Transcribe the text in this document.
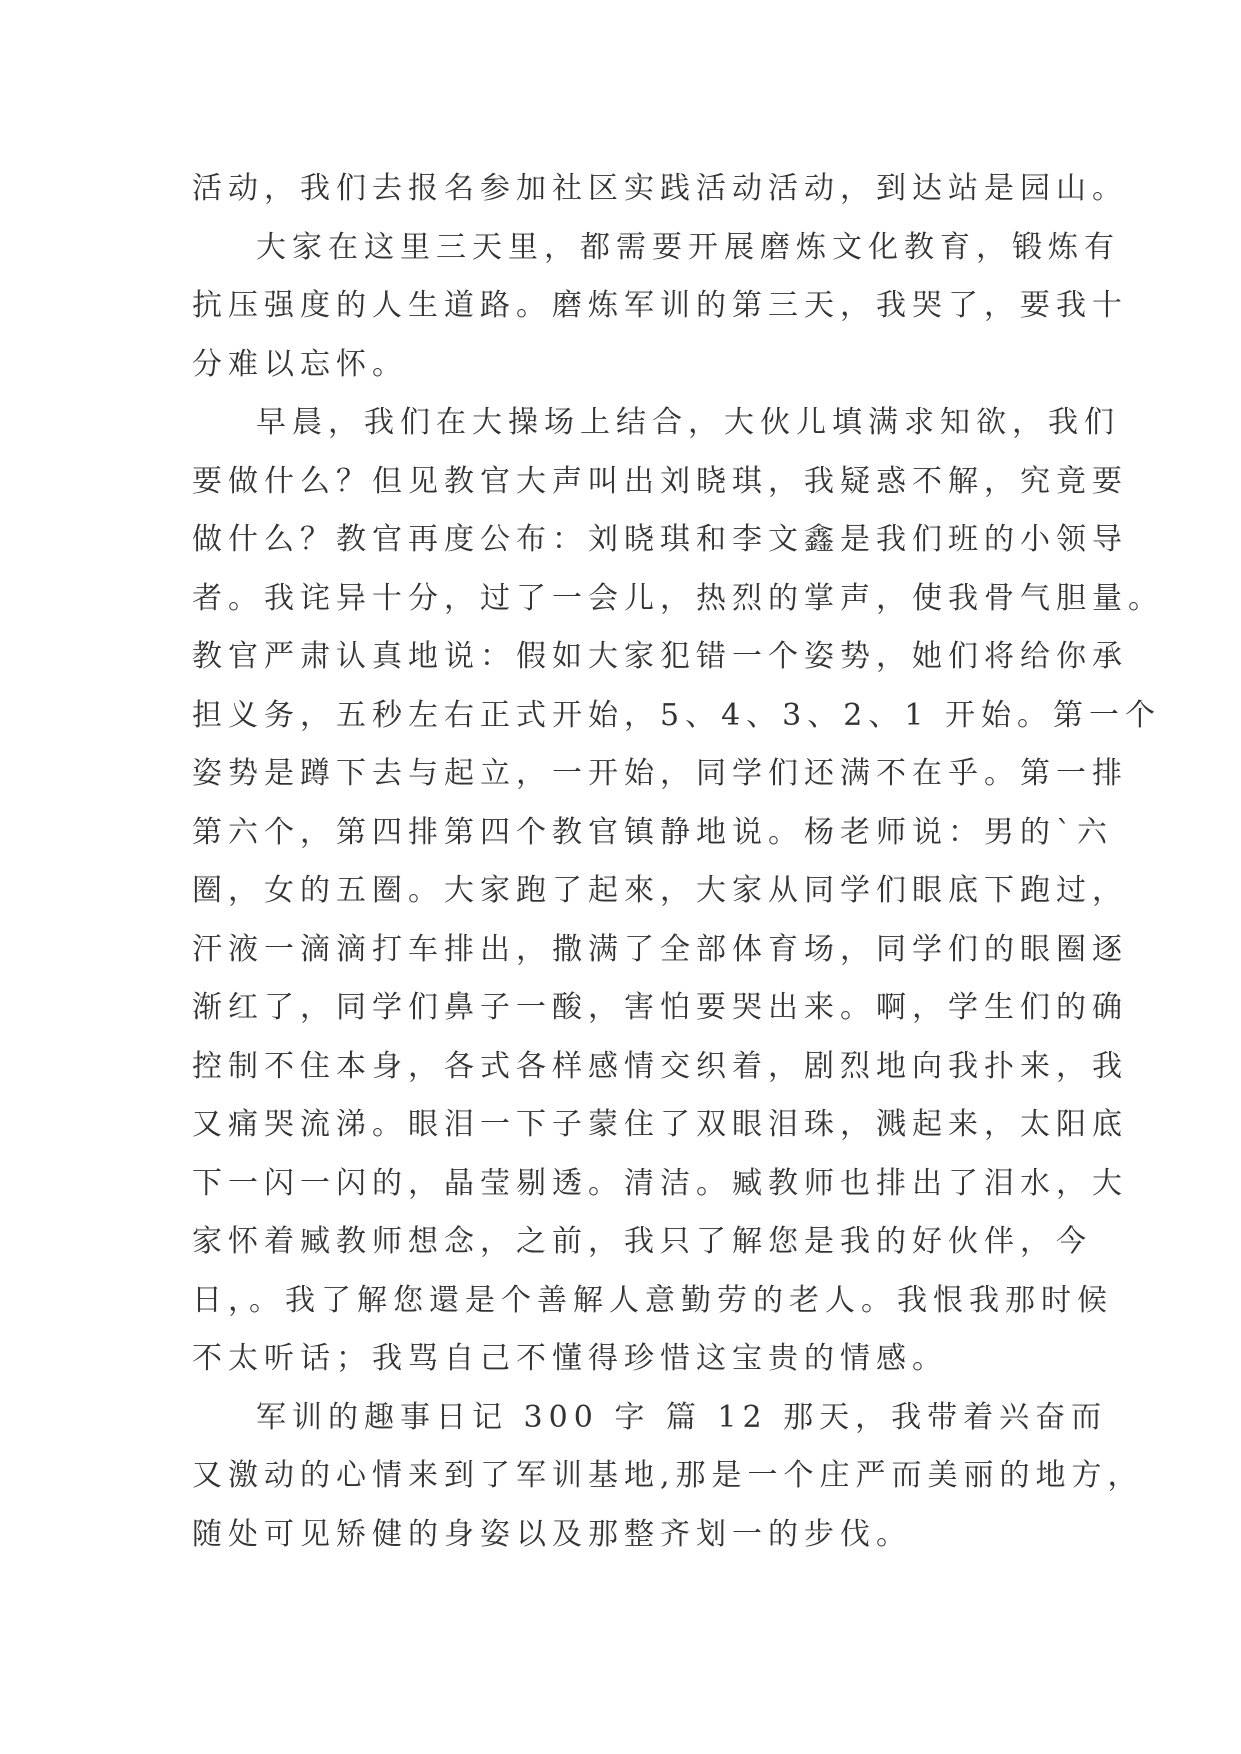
活动，我们去报名参加社区实践活动活动，到达站是园山。
大家在这里三天里，都需要开展磨炼文化教育，锻炼有
抗压强度的人生道路。磨炼军训的第三天，我哭了，要我十
分难以忘怀。
早晨，我们在大操场上结合，大伙儿填满求知欲，我们
要做什么？但见教官大声叫出刘晓琪，我疑惑不解，究竟要
做什么？教官再度公布：刘晓琪和李文鑫是我们班的小领导
者。我诧异十分，过了一会儿，热烈的掌声，使我骨气胆量。
教官严肃认真地说：假如大家犯错一个姿势，她们将给你承
担义务，五秒左右正式开始，5、4、3、2、1 开始。第一个
姿势是蹲下去与起立，一开始，同学们还满不在乎。第一排
第六个，第四排第四个教官镇静地说。杨老师说：男的`六
圈，女的五圈。大家跑了起來，大家从同学们眼底下跑过，
汗液一滴滴打车排出，撒满了全部体育场，同学们的眼圈逐
渐红了，同学们鼻子一酸，害怕要哭出来。啊，学生们的确
控制不住本身，各式各样感情交织着，剧烈地向我扑来，我
又痛哭流涕。眼泪一下子蒙住了双眼泪珠，溅起来，太阳底
下一闪一闪的，晶莹剔透。清洁。臧教师也排出了泪水，大
家怀着臧教师想念，之前，我只了解您是我的好伙伴，今
日，。我了解您還是个善解人意勤劳的老人。我恨我那时候
不太听话；我骂自己不懂得珍惜这宝贵的情感。
军训的趣事日记 300 字 篇 12 那天，我带着兴奋而
又激动的心情来到了军训基地,那是一个庄严而美丽的地方，
随处可见矫健的身姿以及那整齐划一的步伐。
